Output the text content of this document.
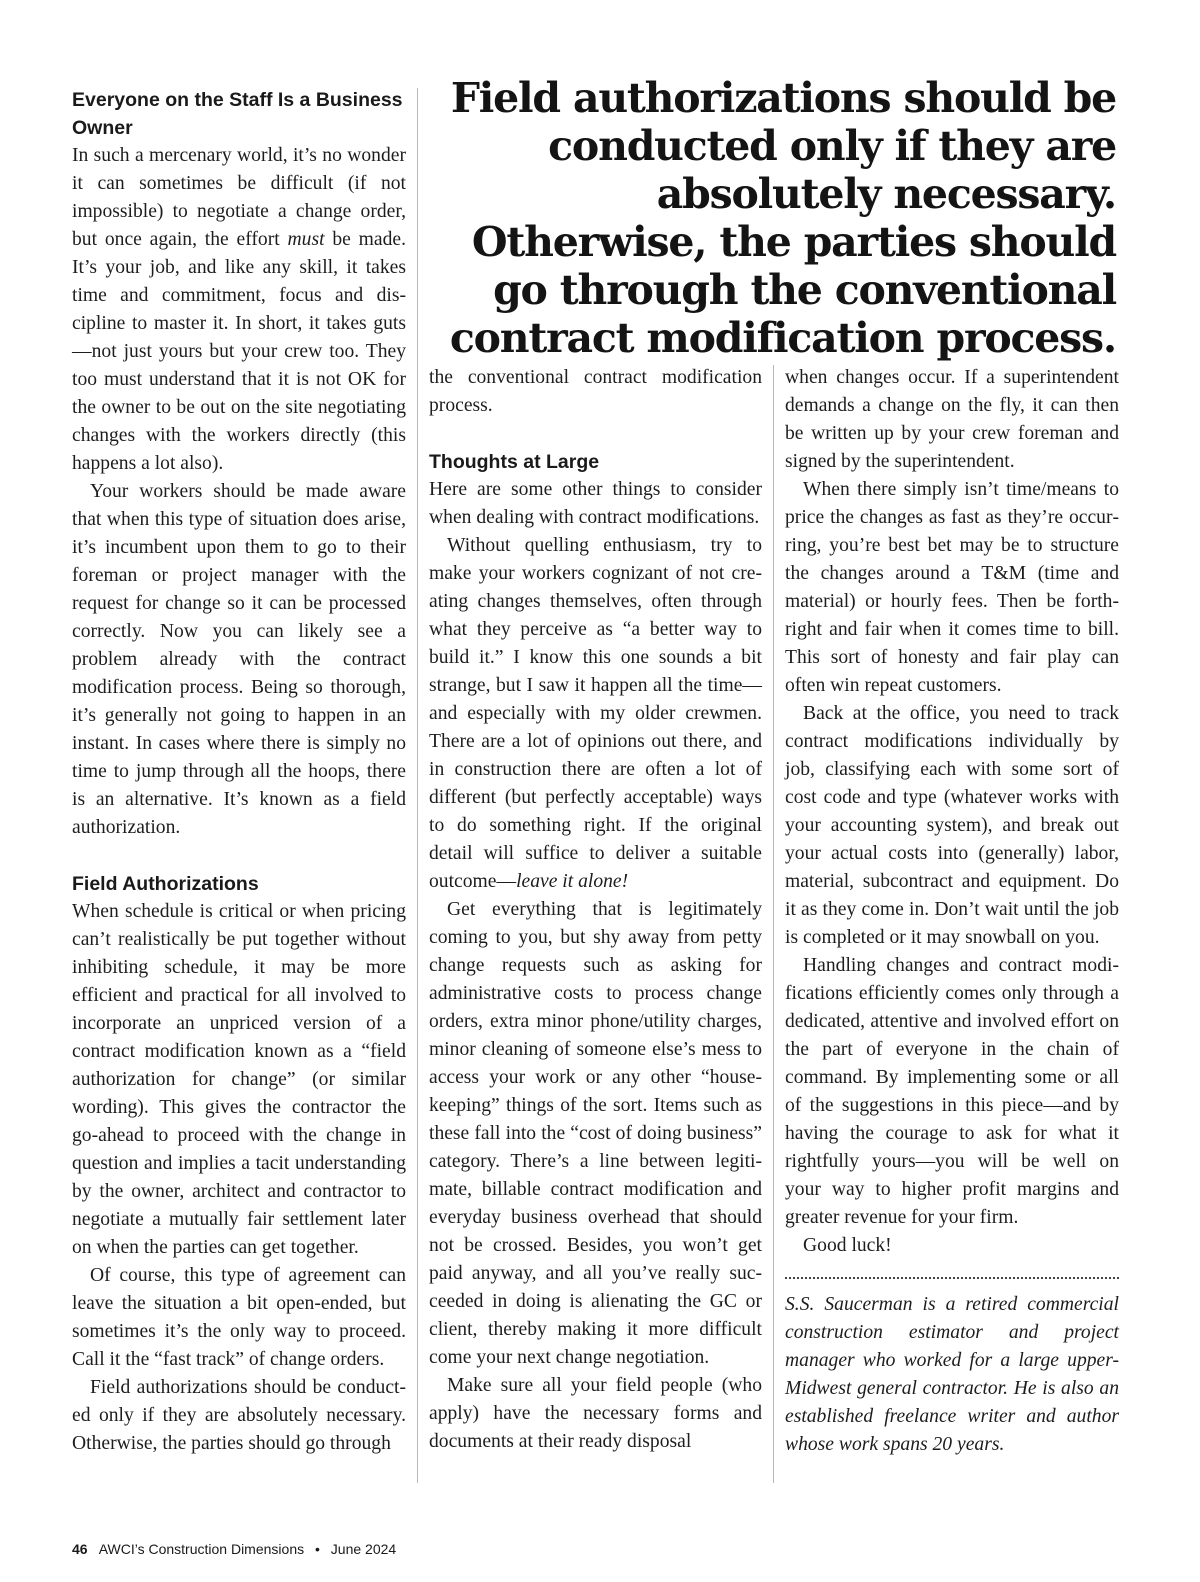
Field authorizations should be conducted only if they are absolutely necessary. Otherwise, the parties should go through the conventional contract modification process.

Everyone on the Staff Is a Business Owner

In such a mercenary world, it’s no wonder it can sometimes be difficult (if not impossible) to negotiate a change order, but once again, the effort must be made. It’s your job, and like any skill, it takes time and commitment, focus and discipline to master it. In short, it takes guts—not just yours but your crew too. They too must understand that it is not OK for the owner to be out on the site negotiating changes with the workers directly (this happens a lot also).

Your workers should be made aware that when this type of situation does arise, it’s incumbent upon them to go to their foreman or project manager with the request for change so it can be processed correctly. Now you can likely see a problem already with the contract modification process. Being so thorough, it’s generally not going to happen in an instant. In cases where there is simply no time to jump through all the hoops, there is an alternative. It’s known as a field authorization.

Field Authorizations

When schedule is critical or when pricing can’t realistically be put together without inhibiting schedule, it may be more efficient and practical for all involved to incorporate an unpriced version of a contract modification known as a “field authorization for change” (or similar wording). This gives the contractor the go-ahead to proceed with the change in question and implies a tacit understanding by the owner, architect and contractor to negotiate a mutually fair settlement later on when the parties can get together.

Of course, this type of agreement can leave the situation a bit open-ended, but sometimes it’s the only way to proceed. Call it the “fast track” of change orders.

Field authorizations should be conducted only if they are absolutely necessary. Otherwise, the parties should go through

the conventional contract modification process.

Thoughts at Large

Here are some other things to consider when dealing with contract modifications.

Without quelling enthusiasm, try to make your workers cognizant of not creating changes themselves, often through what they perceive as “a better way to build it.” I know this one sounds a bit strange, but I saw it happen all the time—and especially with my older crewmen. There are a lot of opinions out there, and in construction there are often a lot of different (but perfectly acceptable) ways to do something right. If the original detail will suffice to deliver a suitable outcome—leave it alone!

Get everything that is legitimately coming to you, but shy away from petty change requests such as asking for administrative costs to process change orders, extra minor phone/utility charges, minor cleaning of someone else’s mess to access your work or any other “housekeeping” things of the sort. Items such as these fall into the “cost of doing business” category. There’s a line between legitimate, billable contract modification and everyday business overhead that should not be crossed. Besides, you won’t get paid anyway, and all you’ve really succeeded in doing is alienating the GC or client, thereby making it more difficult come your next change negotiation.

Make sure all your field people (who apply) have the necessary forms and documents at their ready disposal

when changes occur. If a superintendent demands a change on the fly, it can then be written up by your crew foreman and signed by the superintendent.

When there simply isn’t time/means to price the changes as fast as they’re occurring, you’re best bet may be to structure the changes around a T&M (time and material) or hourly fees. Then be forthright and fair when it comes time to bill. This sort of honesty and fair play can often win repeat customers.

Back at the office, you need to track contract modifications individually by job, classifying each with some sort of cost code and type (whatever works with your accounting system), and break out your actual costs into (generally) labor, material, subcontract and equipment. Do it as they come in. Don’t wait until the job is completed or it may snowball on you.

Handling changes and contract modifications efficiently comes only through a dedicated, attentive and involved effort on the part of everyone in the chain of command. By implementing some or all of the suggestions in this piece—and by having the courage to ask for what it rightfully yours—you will be well on your way to higher profit margins and greater revenue for your firm.

Good luck!

S.S. Saucerman is a retired commercial construction estimator and project manager who worked for a large upper-Midwest general contractor. He is also an established freelance writer and author whose work spans 20 years.

46 AWCI’s Construction Dimensions • June 2024
